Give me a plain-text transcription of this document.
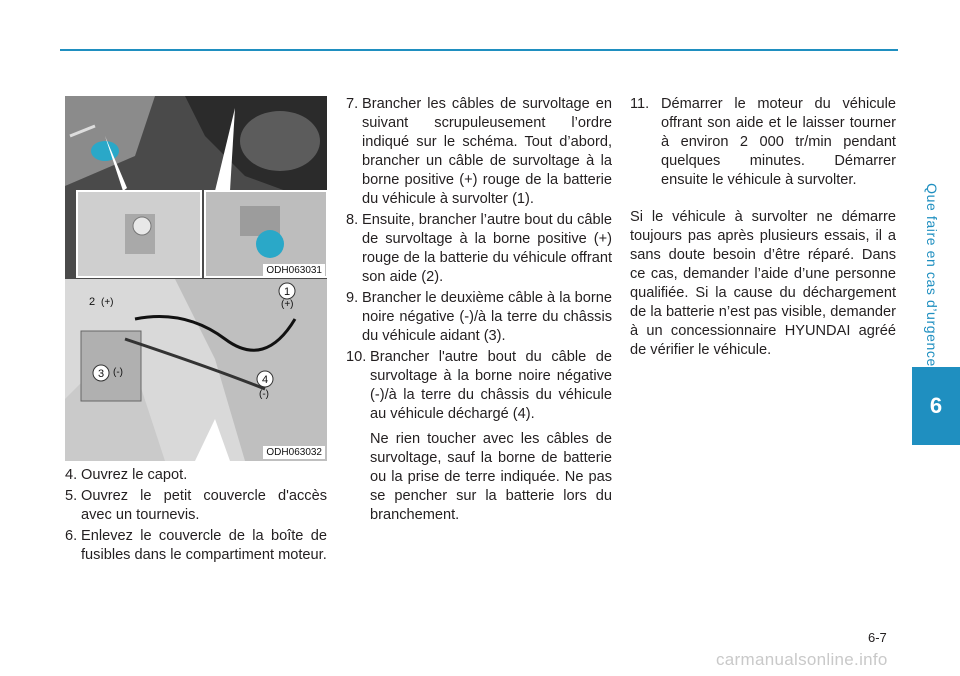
Que faire en cas d’urgence
6
ODH063031
1
(+)
2 (+)
3 (-)
4
(-)
ODH063032
4. Ouvrez le capot.
5. Ouvrez le petit couvercle d'accès avec un tournevis.
6. Enlevez le couvercle de la boîte de fusibles dans le compartiment moteur.
7. Brancher les câbles de survoltage en suivant scrupuleusement l’ordre indiqué sur le schéma. Tout d’abord, brancher un câble de survoltage à la borne positive (+) rouge de la batterie du véhicule à survolter (1).
8. Ensuite, brancher l’autre bout du câble de survoltage à la borne positive (+) rouge de la batterie du véhicule offrant son aide (2).
9. Brancher le deuxième câble à la borne noire négative (-)/à la terre du châssis du véhicule aidant (3).
10. Brancher l'autre bout du câble de survoltage à la borne noire négative (-)/à la terre du châssis du véhicule au véhicule déchargé (4).
Ne rien toucher avec les câbles de survoltage, sauf la borne de batterie ou la prise de terre indiquée. Ne pas se pencher sur la batterie lors du branchement.
11. Démarrer le moteur du véhicule offrant son aide et le laisser tourner à environ 2 000 tr/min pendant quelques minutes. Démarrer ensuite le véhicule à survolter.

Si le véhicule à survolter ne démarre toujours pas après plusieurs essais, il a sans doute besoin d’être réparé. Dans ce cas, demander l’aide d’une personne qualifiée. Si la cause du déchargement de la batterie n’est pas visible, demander à un concessionnaire HYUNDAI agréé de vérifier le véhicule.

6-7
carmanualsonline.info
